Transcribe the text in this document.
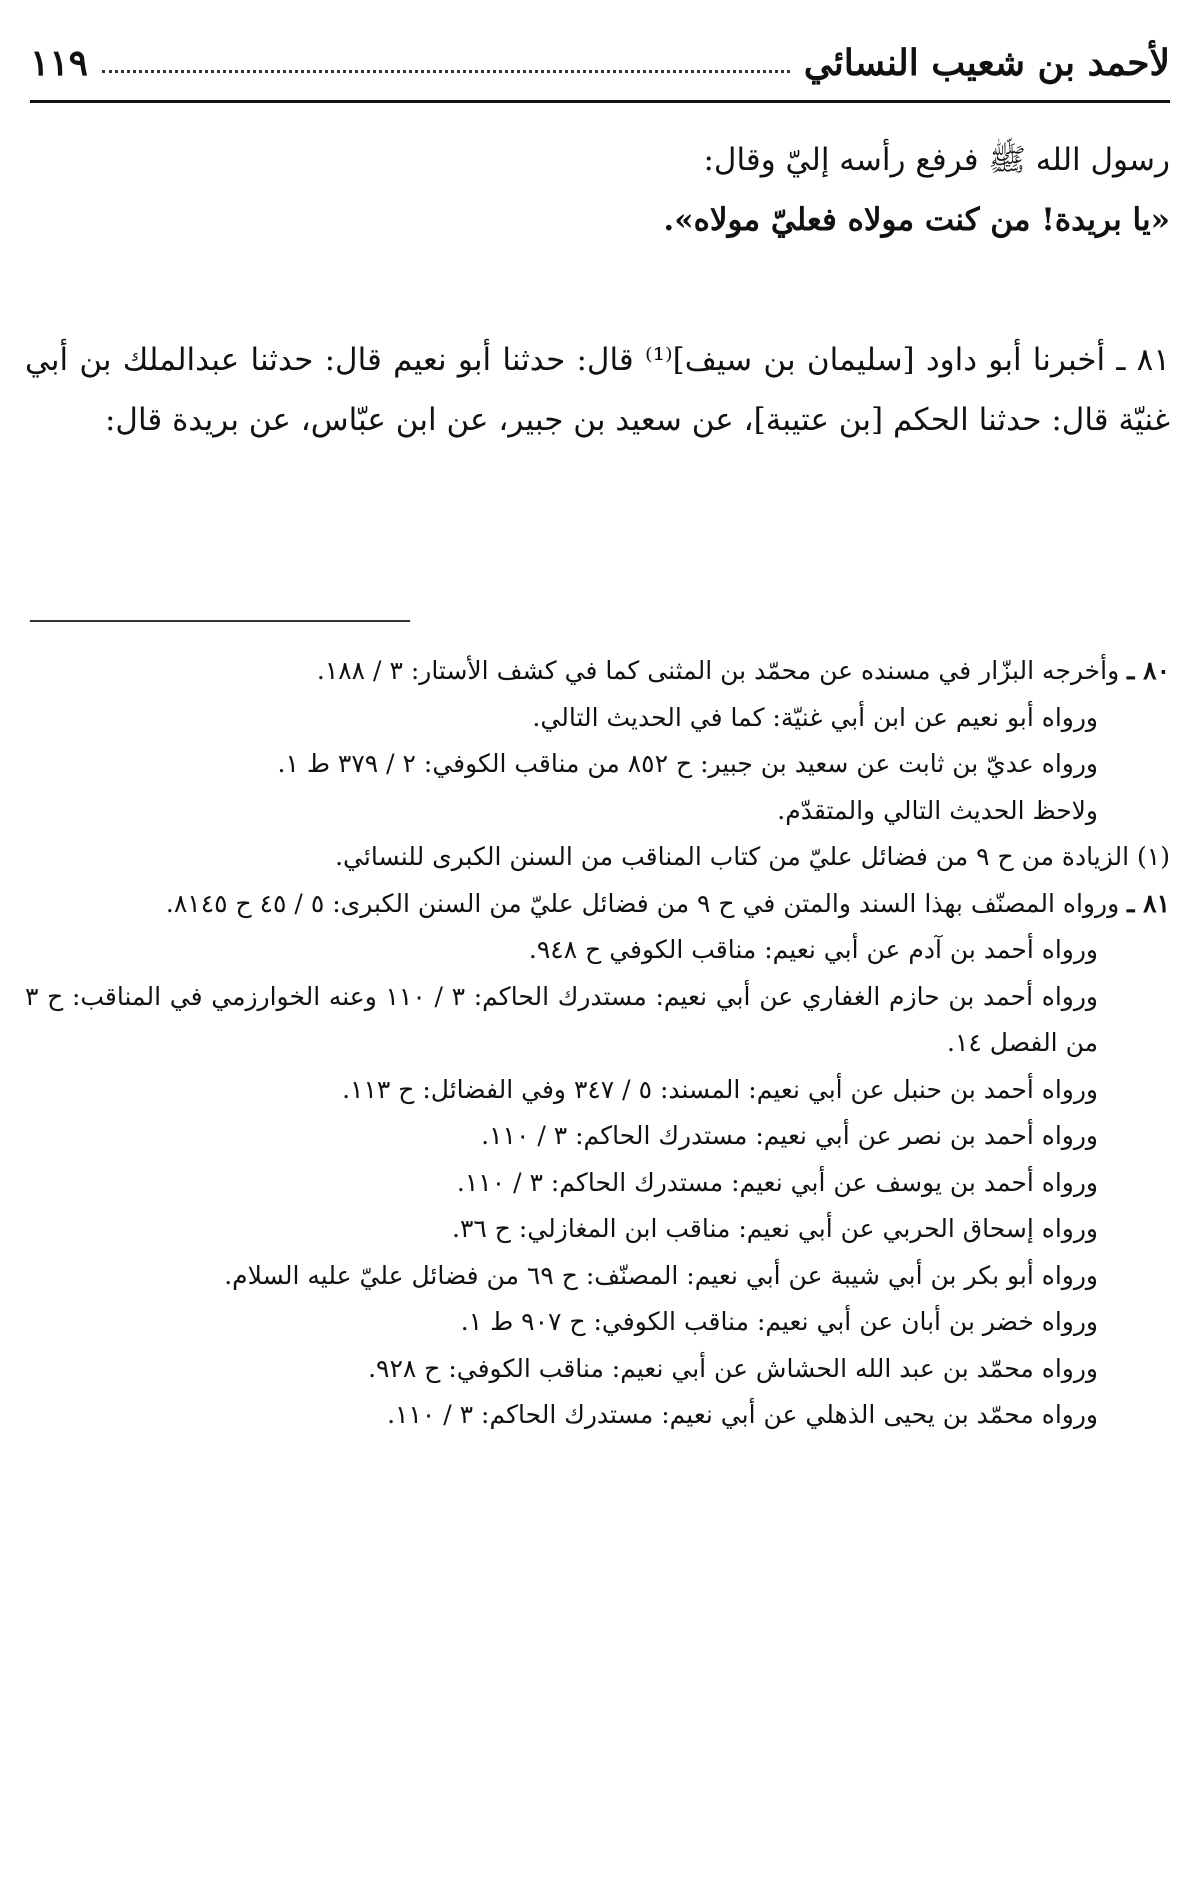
لأحمد بن شعيب النسائي
١١٩

رسول الله ﷺ فرفع رأسه إليّ وقال:

«يا بريدة! من كنت مولاه فعليّ مولاه».

٨١ ـ أخبرنا أبو داود [سليمان بن سيف]⁽¹⁾ قال: حدثنا أبو نعيم قال: حدثنا عبدالملك بن أبي غنيّة قال: حدثنا الحكم [بن عتيبة]، عن سعيد بن جبير، عن ابن عبّاس، عن بريدة قال:

٨٠ ـ وأخرجه البزّار في مسنده عن محمّد بن المثنى كما في كشف الأستار: ٣ / ١٨٨.

ورواه أبو نعيم عن ابن أبي غنيّة: كما في الحديث التالي.

ورواه عديّ بن ثابت عن سعيد بن جبير: ح ٨٥٢ من مناقب الكوفي: ٢ / ٣٧٩ ط ١.

ولاحظ الحديث التالي والمتقدّم.

(١) الزيادة من ح ٩ من فضائل عليّ من كتاب المناقب من السنن الكبرى للنسائي.

٨١ ـ ورواه المصنّف بهذا السند والمتن في ح ٩ من فضائل عليّ من السنن الكبرى: ٥ / ٤٥ ح ٨١٤٥.

ورواه أحمد بن آدم عن أبي نعيم: مناقب الكوفي ح ٩٤٨.

ورواه أحمد بن حازم الغفاري عن أبي نعيم: مستدرك الحاكم: ٣ / ١١٠ وعنه الخوارزمي في المناقب: ح ٣ من الفصل ١٤.

ورواه أحمد بن حنبل عن أبي نعيم: المسند: ٥ / ٣٤٧ وفي الفضائل: ح ١١٣.

ورواه أحمد بن نصر عن أبي نعيم: مستدرك الحاكم: ٣ / ١١٠.

ورواه أحمد بن يوسف عن أبي نعيم: مستدرك الحاكم: ٣ / ١١٠.

ورواه إسحاق الحربي عن أبي نعيم: مناقب ابن المغازلي: ح ٣٦.

ورواه أبو بكر بن أبي شيبة عن أبي نعيم: المصنّف: ح ٦٩ من فضائل عليّ عليه السلام.

ورواه خضر بن أبان عن أبي نعيم: مناقب الكوفي: ح ٩٠٧ ط ١.

ورواه محمّد بن عبد الله الحشاش عن أبي نعيم: مناقب الكوفي: ح ٩٢٨.

ورواه محمّد بن يحيى الذهلي عن أبي نعيم: مستدرك الحاكم: ٣ / ١١٠.
